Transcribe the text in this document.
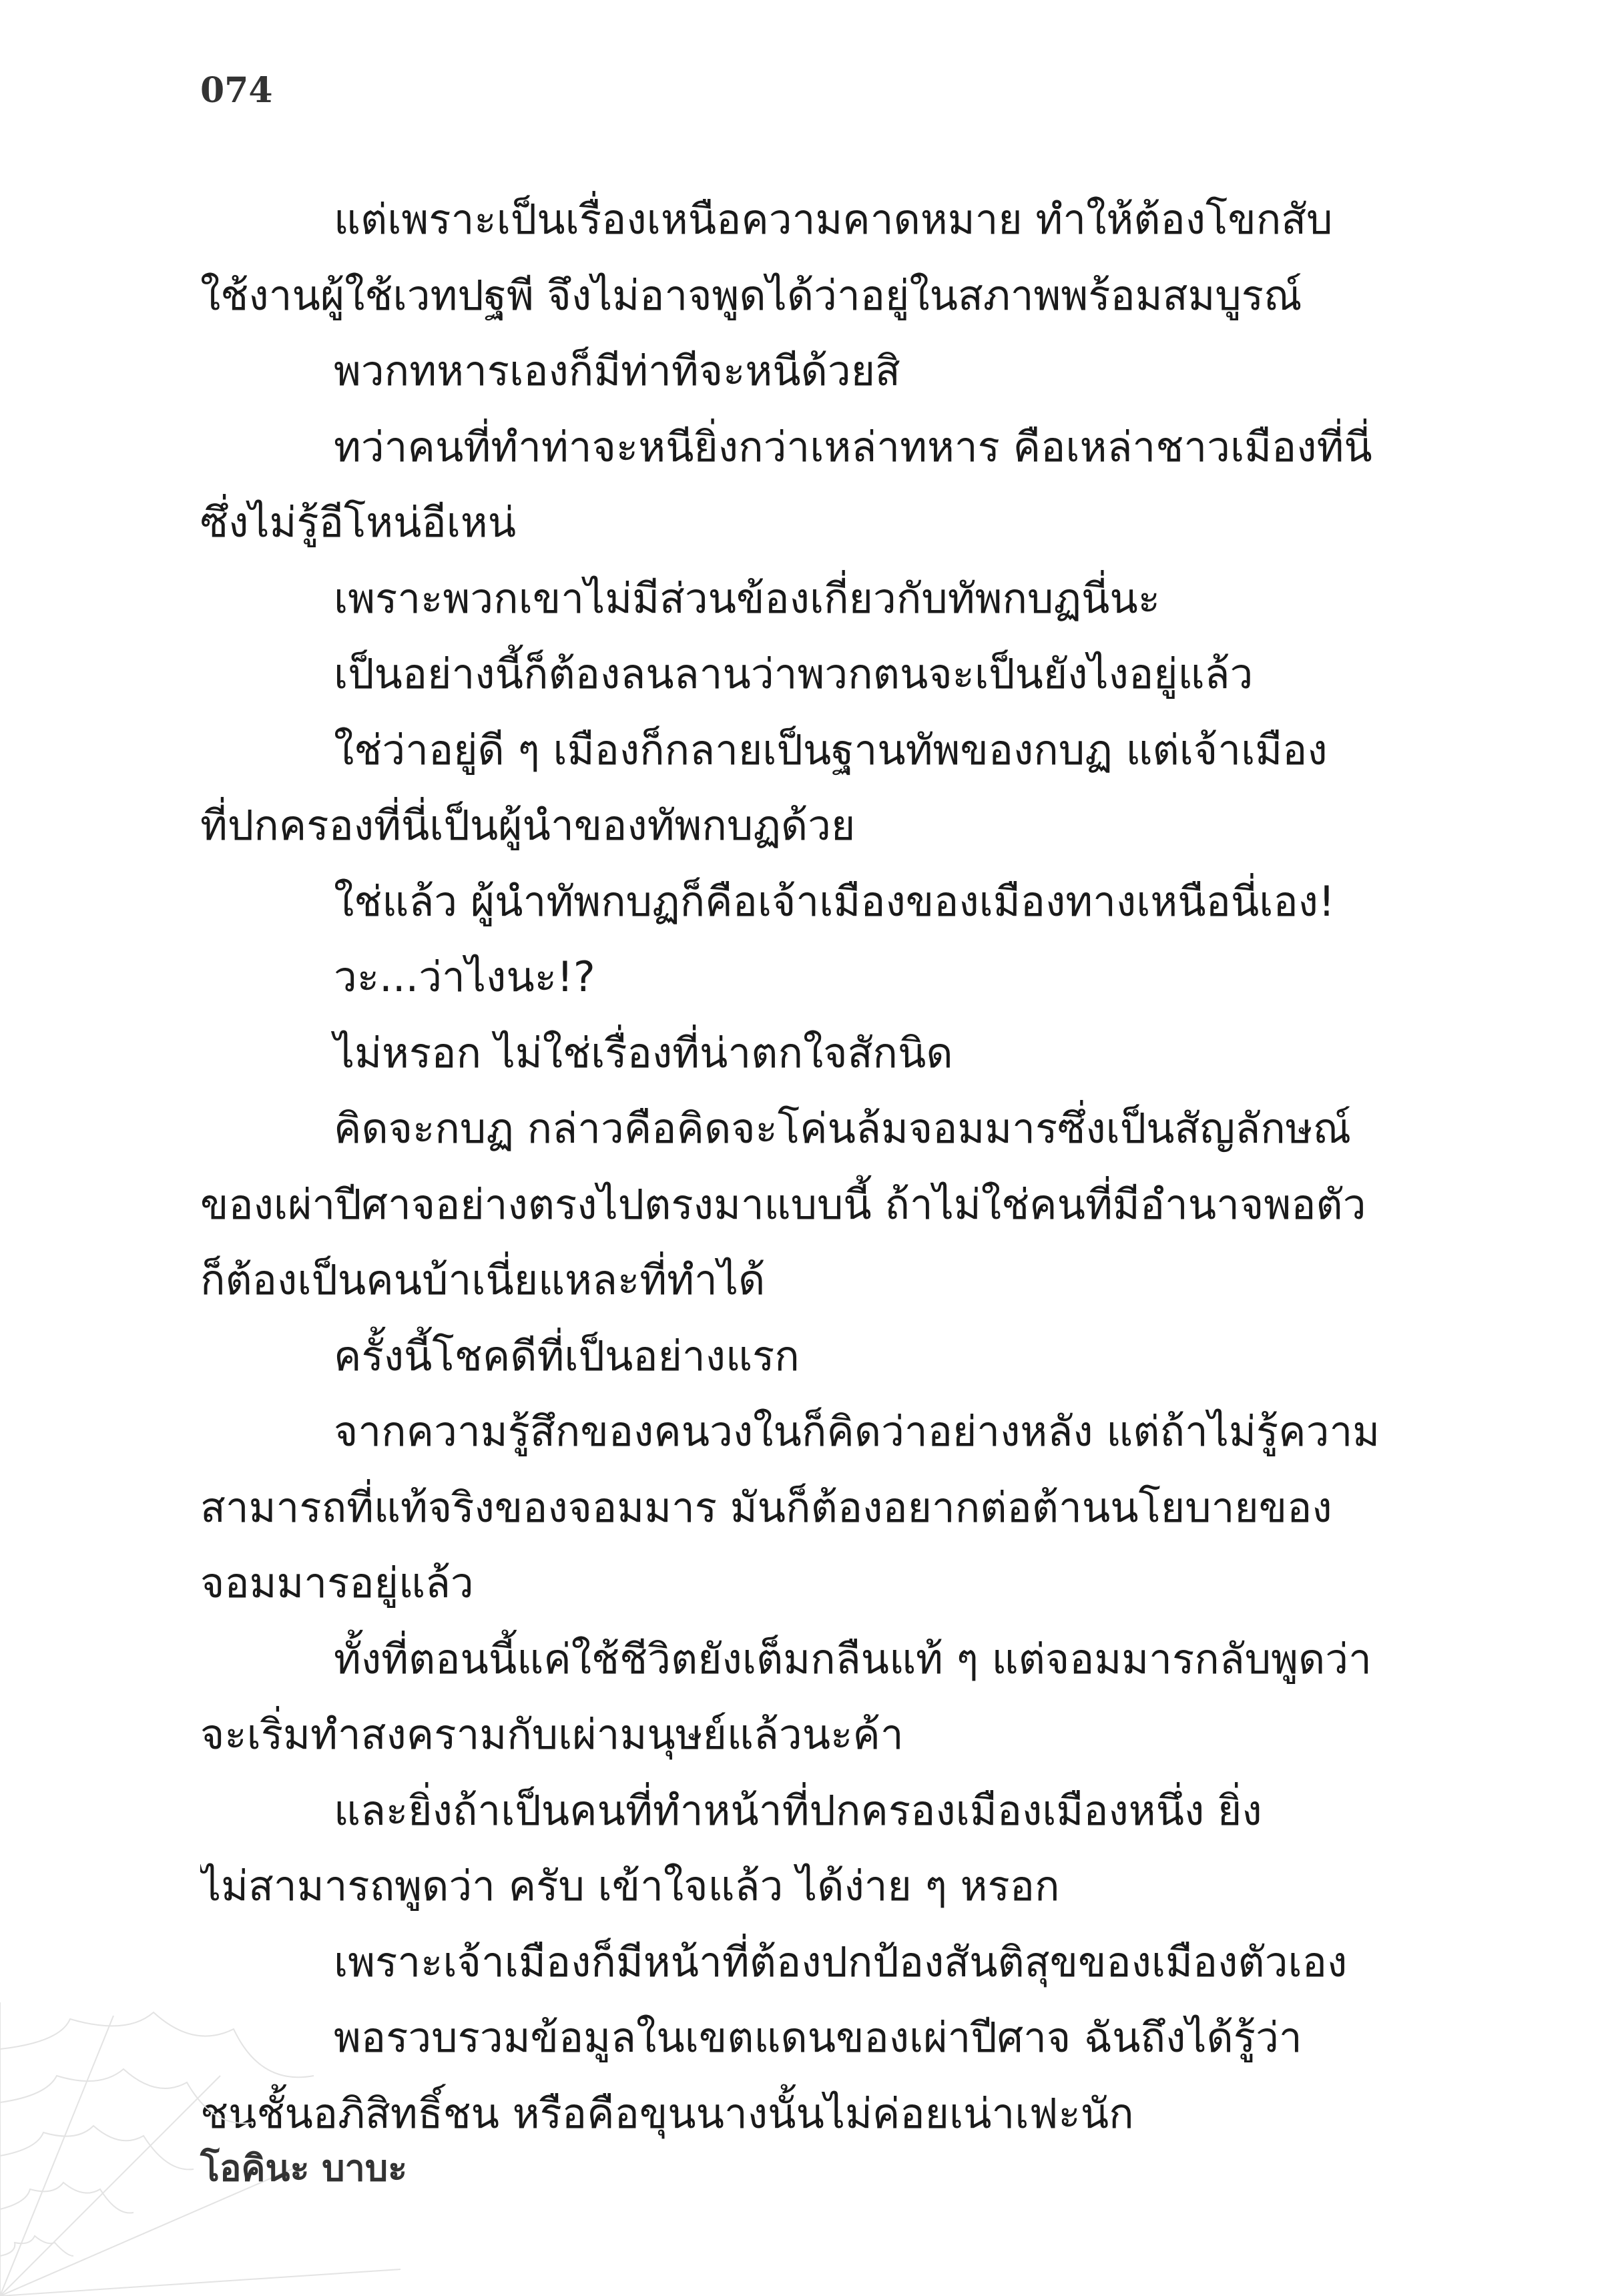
074
แต่เพราะเป็นเรื่องเหนือความคาดหมาย ทำให้ต้องโขกสับ
ใช้งานผู้ใช้เวทปฐพี จึงไม่อาจพูดได้ว่าอยู่ในสภาพพร้อมสมบูรณ์
พวกทหารเองก็มีท่าทีจะหนีด้วยสิ
ทว่าคนที่ทำท่าจะหนียิ่งกว่าเหล่าทหาร คือเหล่าชาวเมืองที่นี่
ซึ่งไม่รู้อีโหน่อีเหน่
เพราะพวกเขาไม่มีส่วนข้องเกี่ยวกับทัพกบฏนี่นะ
เป็นอย่างนี้ก็ต้องลนลานว่าพวกตนจะเป็นยังไงอยู่แล้ว
ใช่ว่าอยู่ดี ๆ เมืองก็กลายเป็นฐานทัพของกบฏ แต่เจ้าเมือง
ที่ปกครองที่นี่เป็นผู้นำของทัพกบฏด้วย
ใช่แล้ว ผู้นำทัพกบฏก็คือเจ้าเมืองของเมืองทางเหนือนี่เอง!
วะ...ว่าไงนะ!?
ไม่หรอก ไม่ใช่เรื่องที่น่าตกใจสักนิด
คิดจะกบฏ กล่าวคือคิดจะโค่นล้มจอมมารซึ่งเป็นสัญลักษณ์
ของเผ่าปีศาจอย่างตรงไปตรงมาแบบนี้ ถ้าไม่ใช่คนที่มีอำนาจพอตัว
ก็ต้องเป็นคนบ้าเนี่ยแหละที่ทำได้
ครั้งนี้โชคดีที่เป็นอย่างแรก
จากความรู้สึกของคนวงในก็คิดว่าอย่างหลัง แต่ถ้าไม่รู้ความ
สามารถที่แท้จริงของจอมมาร มันก็ต้องอยากต่อต้านนโยบายของ
จอมมารอยู่แล้ว
ทั้งที่ตอนนี้แค่ใช้ชีวิตยังเต็มกลืนแท้ ๆ แต่จอมมารกลับพูดว่า
จะเริ่มทำสงครามกับเผ่ามนุษย์แล้วนะค้า
และยิ่งถ้าเป็นคนที่ทำหน้าที่ปกครองเมืองเมืองหนึ่ง ยิ่ง
ไม่สามารถพูดว่า ครับ เข้าใจแล้ว ได้ง่าย ๆ หรอก
เพราะเจ้าเมืองก็มีหน้าที่ต้องปกป้องสันติสุขของเมืองตัวเอง
พอรวบรวมข้อมูลในเขตแดนของเผ่าปีศาจ ฉันถึงได้รู้ว่า
ชนชั้นอภิสิทธิ์ชน หรือคือขุนนางนั้นไม่ค่อยเน่าเฟะนัก
โอคินะ บาบะ
